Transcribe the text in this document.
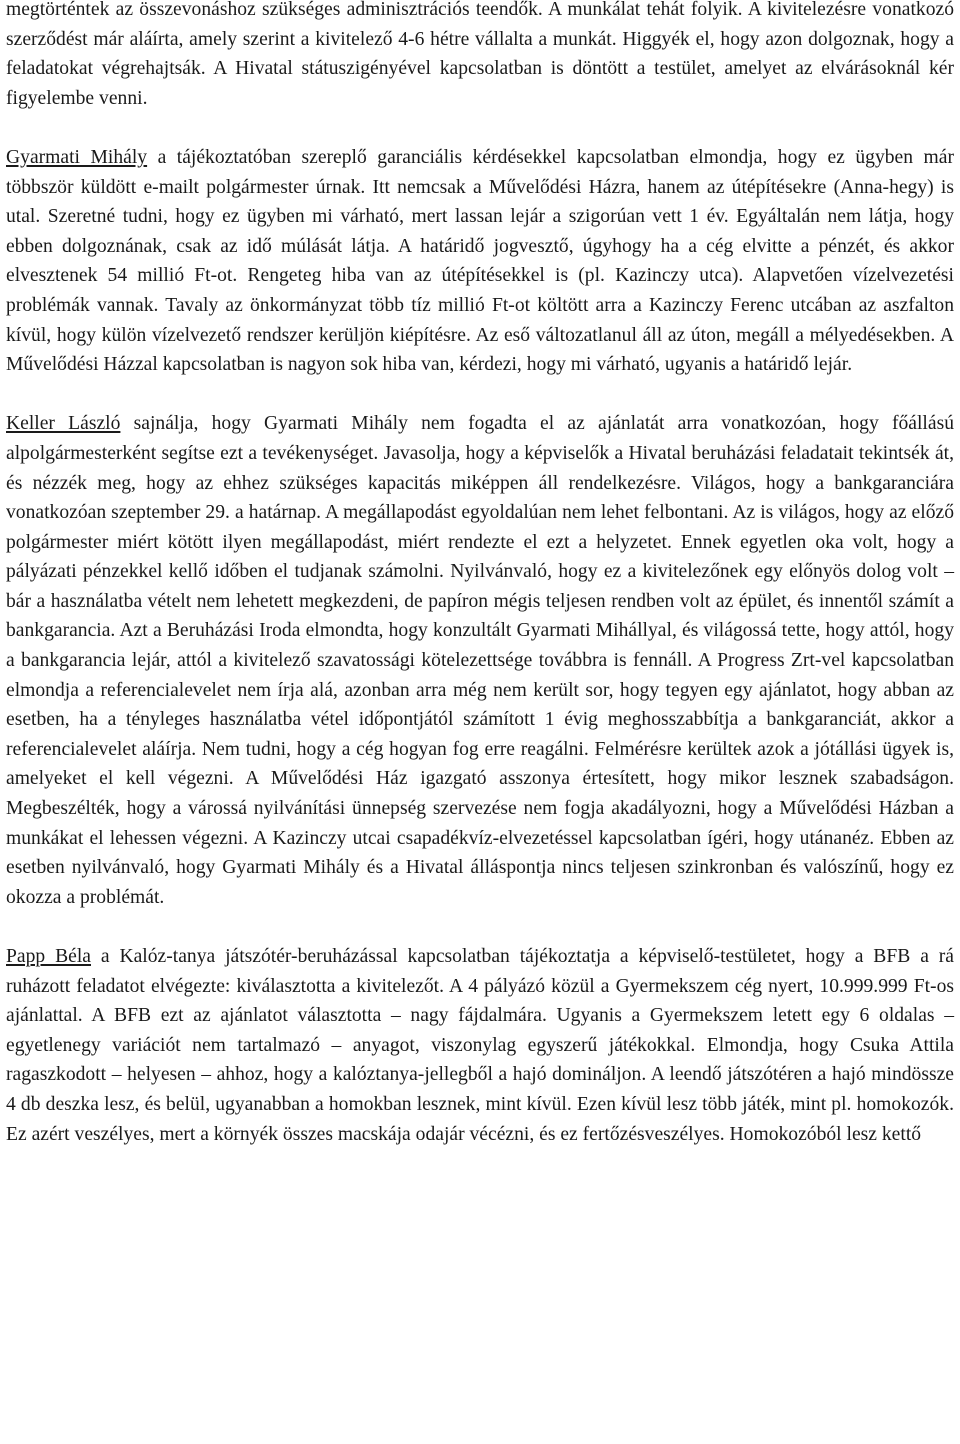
megtörténtek az összevonáshoz szükséges adminisztrációs teendők. A munkálat tehát folyik. A kivitelezésre vonatkozó szerződést már aláírta, amely szerint a kivitelező 4-6 hétre vállalta a munkát. Higgyék el, hogy azon dolgoznak, hogy a feladatokat végrehajtsák. A Hivatal státuszigényével kapcsolatban is döntött a testület, amelyet az elvárásoknál kér figyelembe venni.

Gyarmati Mihály a tájékoztatóban szereplő garanciális kérdésekkel kapcsolatban elmondja, hogy ez ügyben már többször küldött e-mailt polgármester úrnak. Itt nemcsak a Művelődési Házra, hanem az útépítésekre (Anna-hegy) is utal. Szeretné tudni, hogy ez ügyben mi várható, mert lassan lejár a szigorúan vett 1 év. Egyáltalán nem látja, hogy ebben dolgoznának, csak az idő múlását látja. A határidő jogvesztő, úgyhogy ha a cég elvitte a pénzét, és akkor elvesztenek 54 millió Ft-ot. Rengeteg hiba van az útépítésekkel is (pl. Kazinczy utca). Alapvetően vízelvezetési problémák vannak. Tavaly az önkormányzat több tíz millió Ft-ot költött arra a Kazinczy Ferenc utcában az aszfalton kívül, hogy külön vízelvezető rendszer kerüljön kiépítésre. Az eső változatlanul áll az úton, megáll a mélyedésekben. A Művelődési Házzal kapcsolatban is nagyon sok hiba van, kérdezi, hogy mi várható, ugyanis a határidő lejár.

Keller László sajnálja, hogy Gyarmati Mihály nem fogadta el az ajánlatát arra vonatkozóan, hogy főállású alpolgármesterként segítse ezt a tevékenységet. Javasolja, hogy a képviselők a Hivatal beruházási feladatait tekintsék át, és nézzék meg, hogy az ehhez szükséges kapacitás miképpen áll rendelkezésre. Világos, hogy a bankgaranciára vonatkozóan szeptember 29. a határnap. A megállapodást egyoldalúan nem lehet felbontani. Az is világos, hogy az előző polgármester miért kötött ilyen megállapodást, miért rendezte el ezt a helyzetet. Ennek egyetlen oka volt, hogy a pályázati pénzekkel kellő időben el tudjanak számolni. Nyilvánvaló, hogy ez a kivitelezőnek egy előnyös dolog volt – bár a használatba vételt nem lehetett megkezdeni, de papíron mégis teljesen rendben volt az épület, és innentől számít a bankgarancia. Azt a Beruházási Iroda elmondta, hogy konzultált Gyarmati Mihállyal, és világossá tette, hogy attól, hogy a bankgarancia lejár, attól a kivitelező szavatossági kötelezettsége továbbra is fennáll. A Progress Zrt-vel kapcsolatban elmondja a referencialevelet nem írja alá, azonban arra még nem került sor, hogy tegyen egy ajánlatot, hogy abban az esetben, ha a tényleges használatba vétel időpontjától számított 1 évig meghosszabbítja a bankgaranciát, akkor a referencialevelet aláírja. Nem tudni, hogy a cég hogyan fog erre reagálni. Felmérésre kerültek azok a jótállási ügyek is, amelyeket el kell végezni. A Művelődési Ház igazgató asszonya értesített, hogy mikor lesznek szabadságon. Megbeszélték, hogy a várossá nyilvánítási ünnepség szervezése nem fogja akadályozni, hogy a Művelődési Házban a munkákat el lehessen végezni. A Kazinczy utcai csapadékvíz-elvezetéssel kapcsolatban ígéri, hogy utánanéz. Ebben az esetben nyilvánvaló, hogy Gyarmati Mihály és a Hivatal álláspontja nincs teljesen szinkronban és valószínű, hogy ez okozza a problémát.

Papp Béla a Kalóz-tanya játszótér-beruházással kapcsolatban tájékoztatja a képviselő-testületet, hogy a BFB a rá ruházott feladatot elvégezte: kiválasztotta a kivitelezőt. A 4 pályázó közül a Gyermekszem cég nyert, 10.999.999 Ft-os ajánlattal. A BFB ezt az ajánlatot választotta – nagy fájdalmára. Ugyanis a Gyermekszem letett egy 6 oldalas – egyetlenegy variációt nem tartalmazó – anyagot, viszonylag egyszerű játékokkal. Elmondja, hogy Csuka Attila ragaszkodott – helyesen – ahhoz, hogy a kalóztanya-jellegből a hajó domináljon. A leendő játszótéren a hajó mindössze 4 db deszka lesz, és belül, ugyanabban a homokban lesznek, mint kívül. Ezen kívül lesz több játék, mint pl. homokozók. Ez azért veszélyes, mert a környék összes macskája odajár vécézni, és ez fertőzésveszélyes. Homokozóból lesz kettő
